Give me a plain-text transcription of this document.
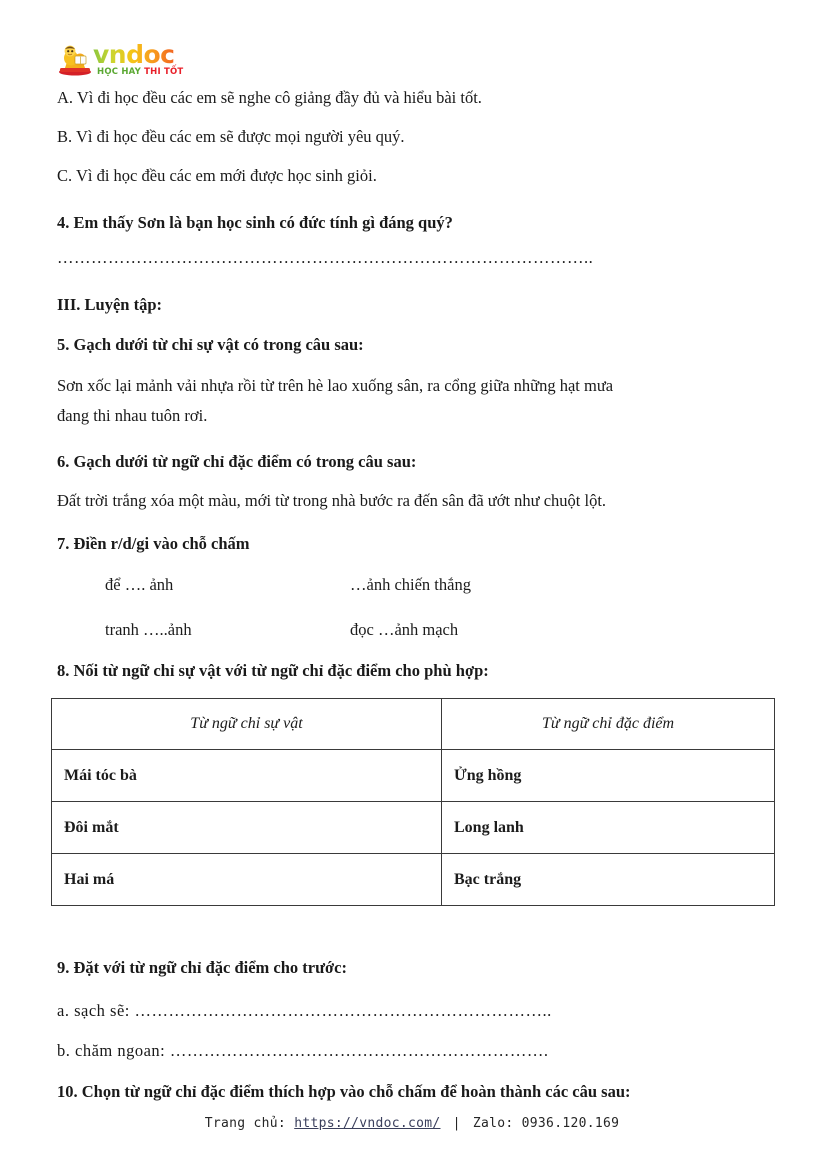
vndoc
HỌC HAY THI TỐT
A. Vì đi học đều các em sẽ nghe cô giảng đầy đủ và hiểu bài tốt.
B. Vì đi học đều các em sẽ được mọi người yêu quý.
C. Vì đi học đều các em mới được học sinh giỏi.
4. Em thấy Sơn là bạn học sinh có đức tính gì đáng quý?
…………………………………………………………………………………..
III. Luyện tập:
5. Gạch dưới từ chỉ sự vật có trong câu sau:
Sơn xốc lại mảnh vải nhựa rồi từ trên hè lao xuống sân, ra cổng giữa những hạt mưa
đang thi nhau tuôn rơi.
6. Gạch dưới từ ngữ chỉ đặc điểm có trong câu sau:
Đất trời trắng xóa một màu, mới từ trong nhà bước ra đến sân đã ướt như chuột lột.
7. Điền r/d/gi vào chỗ chấm
để …. ảnh	…ảnh chiến thắng
tranh …..ảnh	đọc …ảnh mạch
8. Nối từ ngữ chỉ sự vật với từ ngữ chỉ đặc điểm cho phù hợp:
Từ ngữ chỉ sự vật	Từ ngữ chỉ đặc điểm
Mái tóc bà	Ửng hồng
Đôi mắt	Long lanh
Hai má	Bạc trắng
9. Đặt với từ ngữ chỉ đặc điểm cho trước:
a. sạch sẽ: ………………………………………………………………..
b. chăm ngoan: ………………………………………………………….
10. Chọn từ ngữ chỉ đặc điểm thích hợp vào chỗ chấm để hoàn thành các câu sau:
Trang chủ: https://vndoc.com/ | Zalo: 0936.120.169
